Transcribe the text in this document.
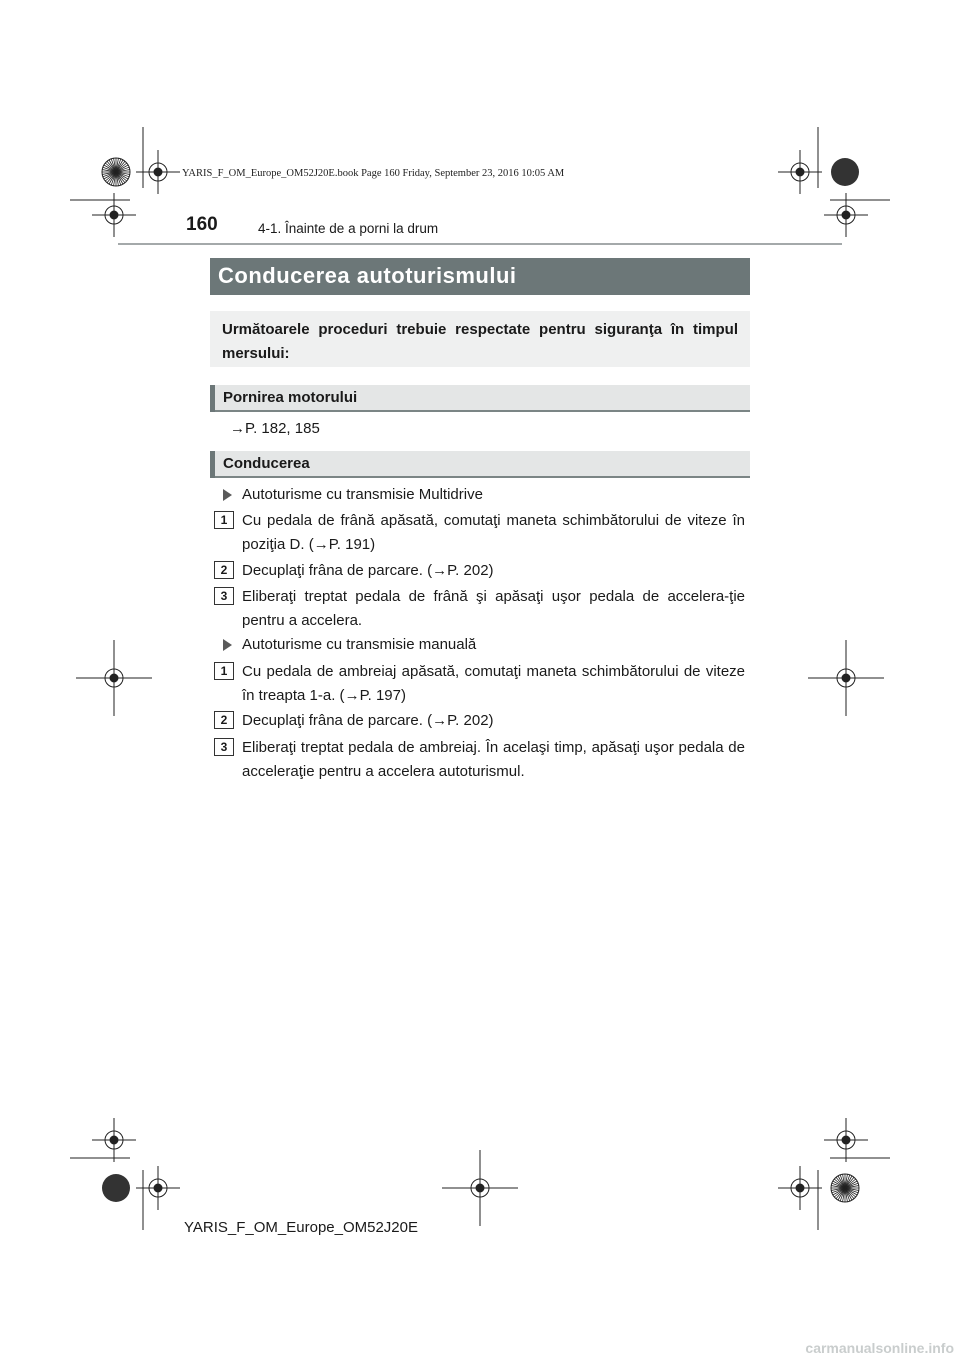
YARIS_F_OM_Europe_OM52J20E.book Page 160 Friday, September 23, 2016 10:05 AM
160	4-1. Înainte de a porni la drum
Conducerea autoturismului
Următoarele proceduri trebuie respectate pentru siguranţa în timpul mersului:
Pornirea motorului
→P. 182, 185
Conducerea
Autoturisme cu transmisie Multidrive
1 Cu pedala de frână apăsată, comutaţi maneta schimbătorului de viteze în poziţia D. (→P. 191)
2 Decuplaţi frâna de parcare. (→P. 202)
3 Eliberaţi treptat pedala de frână şi apăsaţi uşor pedala de accelera-ţie pentru a accelera.
Autoturisme cu transmisie manuală
1 Cu pedala de ambreiaj apăsată, comutaţi maneta schimbătorului de viteze în treapta 1-a. (→P. 197)
2 Decuplaţi frâna de parcare. (→P. 202)
3 Eliberaţi treptat pedala de ambreiaj. În acelaşi timp, apăsaţi uşor pedala de acceleraţie pentru a accelera autoturismul.
YARIS_F_OM_Europe_OM52J20E
carmanualsonline.info
